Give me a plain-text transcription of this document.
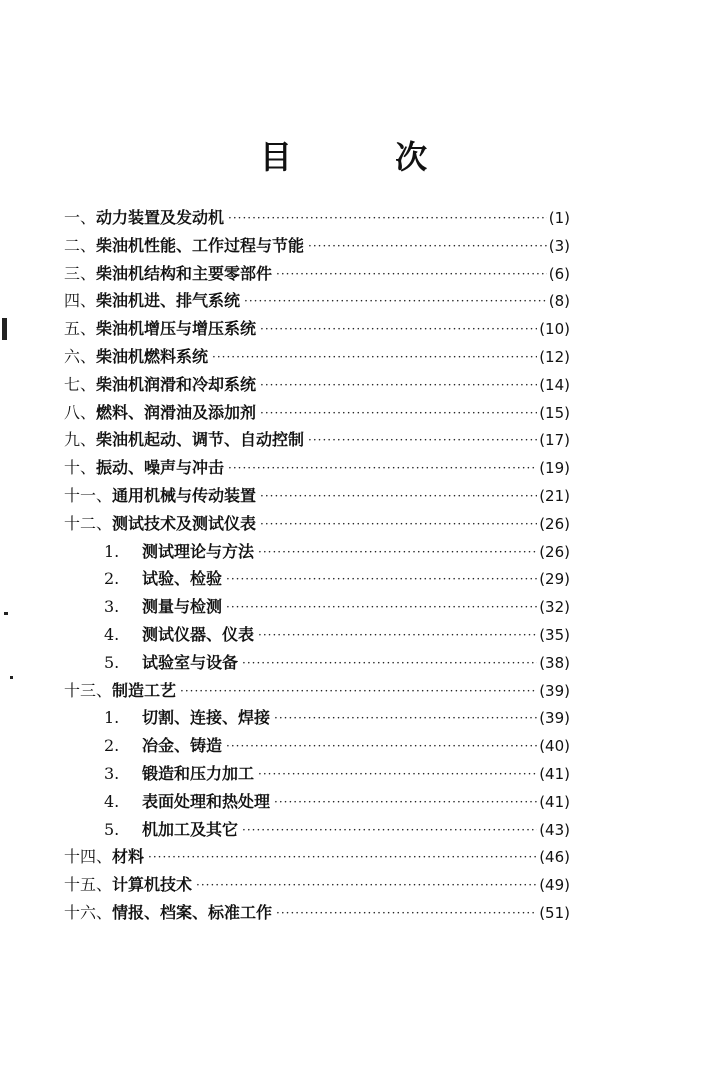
目 次
一、 动力装置及发动机 ·····	(1)
二、 柴油机性能、工作过程与节能 ·····	(3)
三、 柴油机结构和主要零部件 ·····	(6)
四、 柴油机进、排气系统 ·····	(8)
五、 柴油机增压与增压系统 ·····	(10)
六、 柴油机燃料系统 ·····	(12)
七、 柴油机润滑和冷却系统 ·····	(14)
八、 燃料、润滑油及添加剂 ·····	(15)
九、 柴油机起动、调节、自动控制 ·····	(17)
十、 振动、噪声与冲击 ·····	(19)
十一、 通用机械与传动装置 ·····	(21)
十二、 测试技术及测试仪表 ·····	(26)
1.	测试理论与方法 ·····	(26)
2.	试验、检验 ·····	(29)
3.	测量与检测 ·····	(32)
4.	测试仪器、仪表 ·····	(35)
5.	试验室与设备 ·····	(38)
十三、 制造工艺 ·····	(39)
1.	切割、连接、焊接 ·····	(39)
2.	冶金、铸造 ·····	(40)
3.	锻造和压力加工 ·····	(41)
4.	表面处理和热处理 ·····	(41)
5.	机加工及其它 ·····	(43)
十四、 材料 ·····	(46)
十五、 计算机技术 ·····	(49)
十六、 情报、档案、标准工作 ·····	(51)
